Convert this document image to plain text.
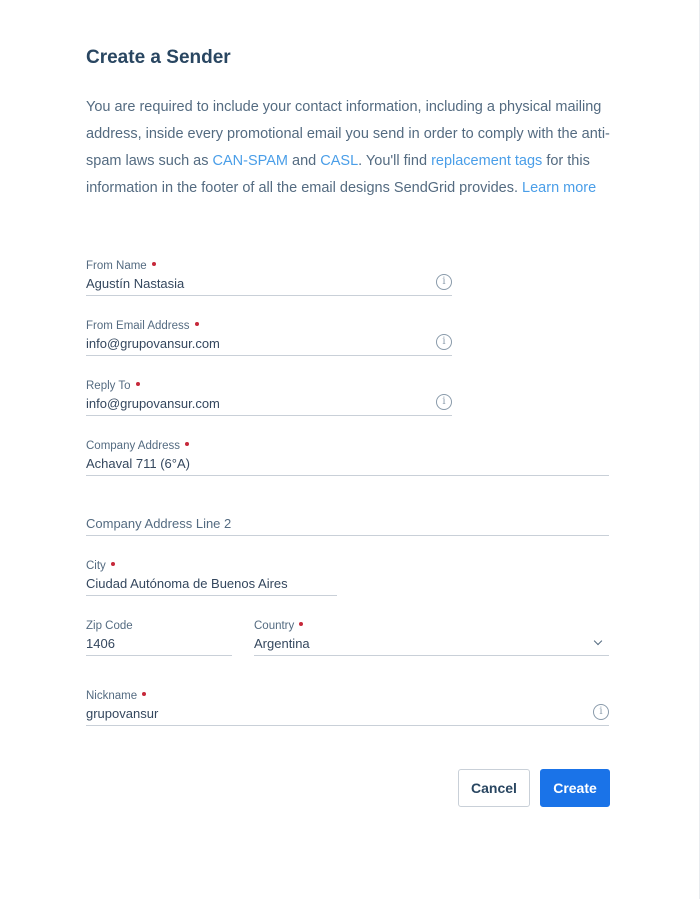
Create a Sender

You are required to include your contact information, including a physical mailing address, inside every promotional email you send in order to comply with the anti-spam laws such as CAN-SPAM and CASL. You'll find replacement tags for this information in the footer of all the email designs SendGrid provides. Learn more

From Name
Agustín Nastasia
i
From Email Address
info@grupovansur.com
i
Reply To
info@grupovansur.com
i
Company Address
Achaval 711 (6°A)
Company Address Line 2
City
Ciudad Autónoma de Buenos Aires
Zip Code
1406	Country
Argentina
Nickname
grupovansur
i
Cancel	Create
